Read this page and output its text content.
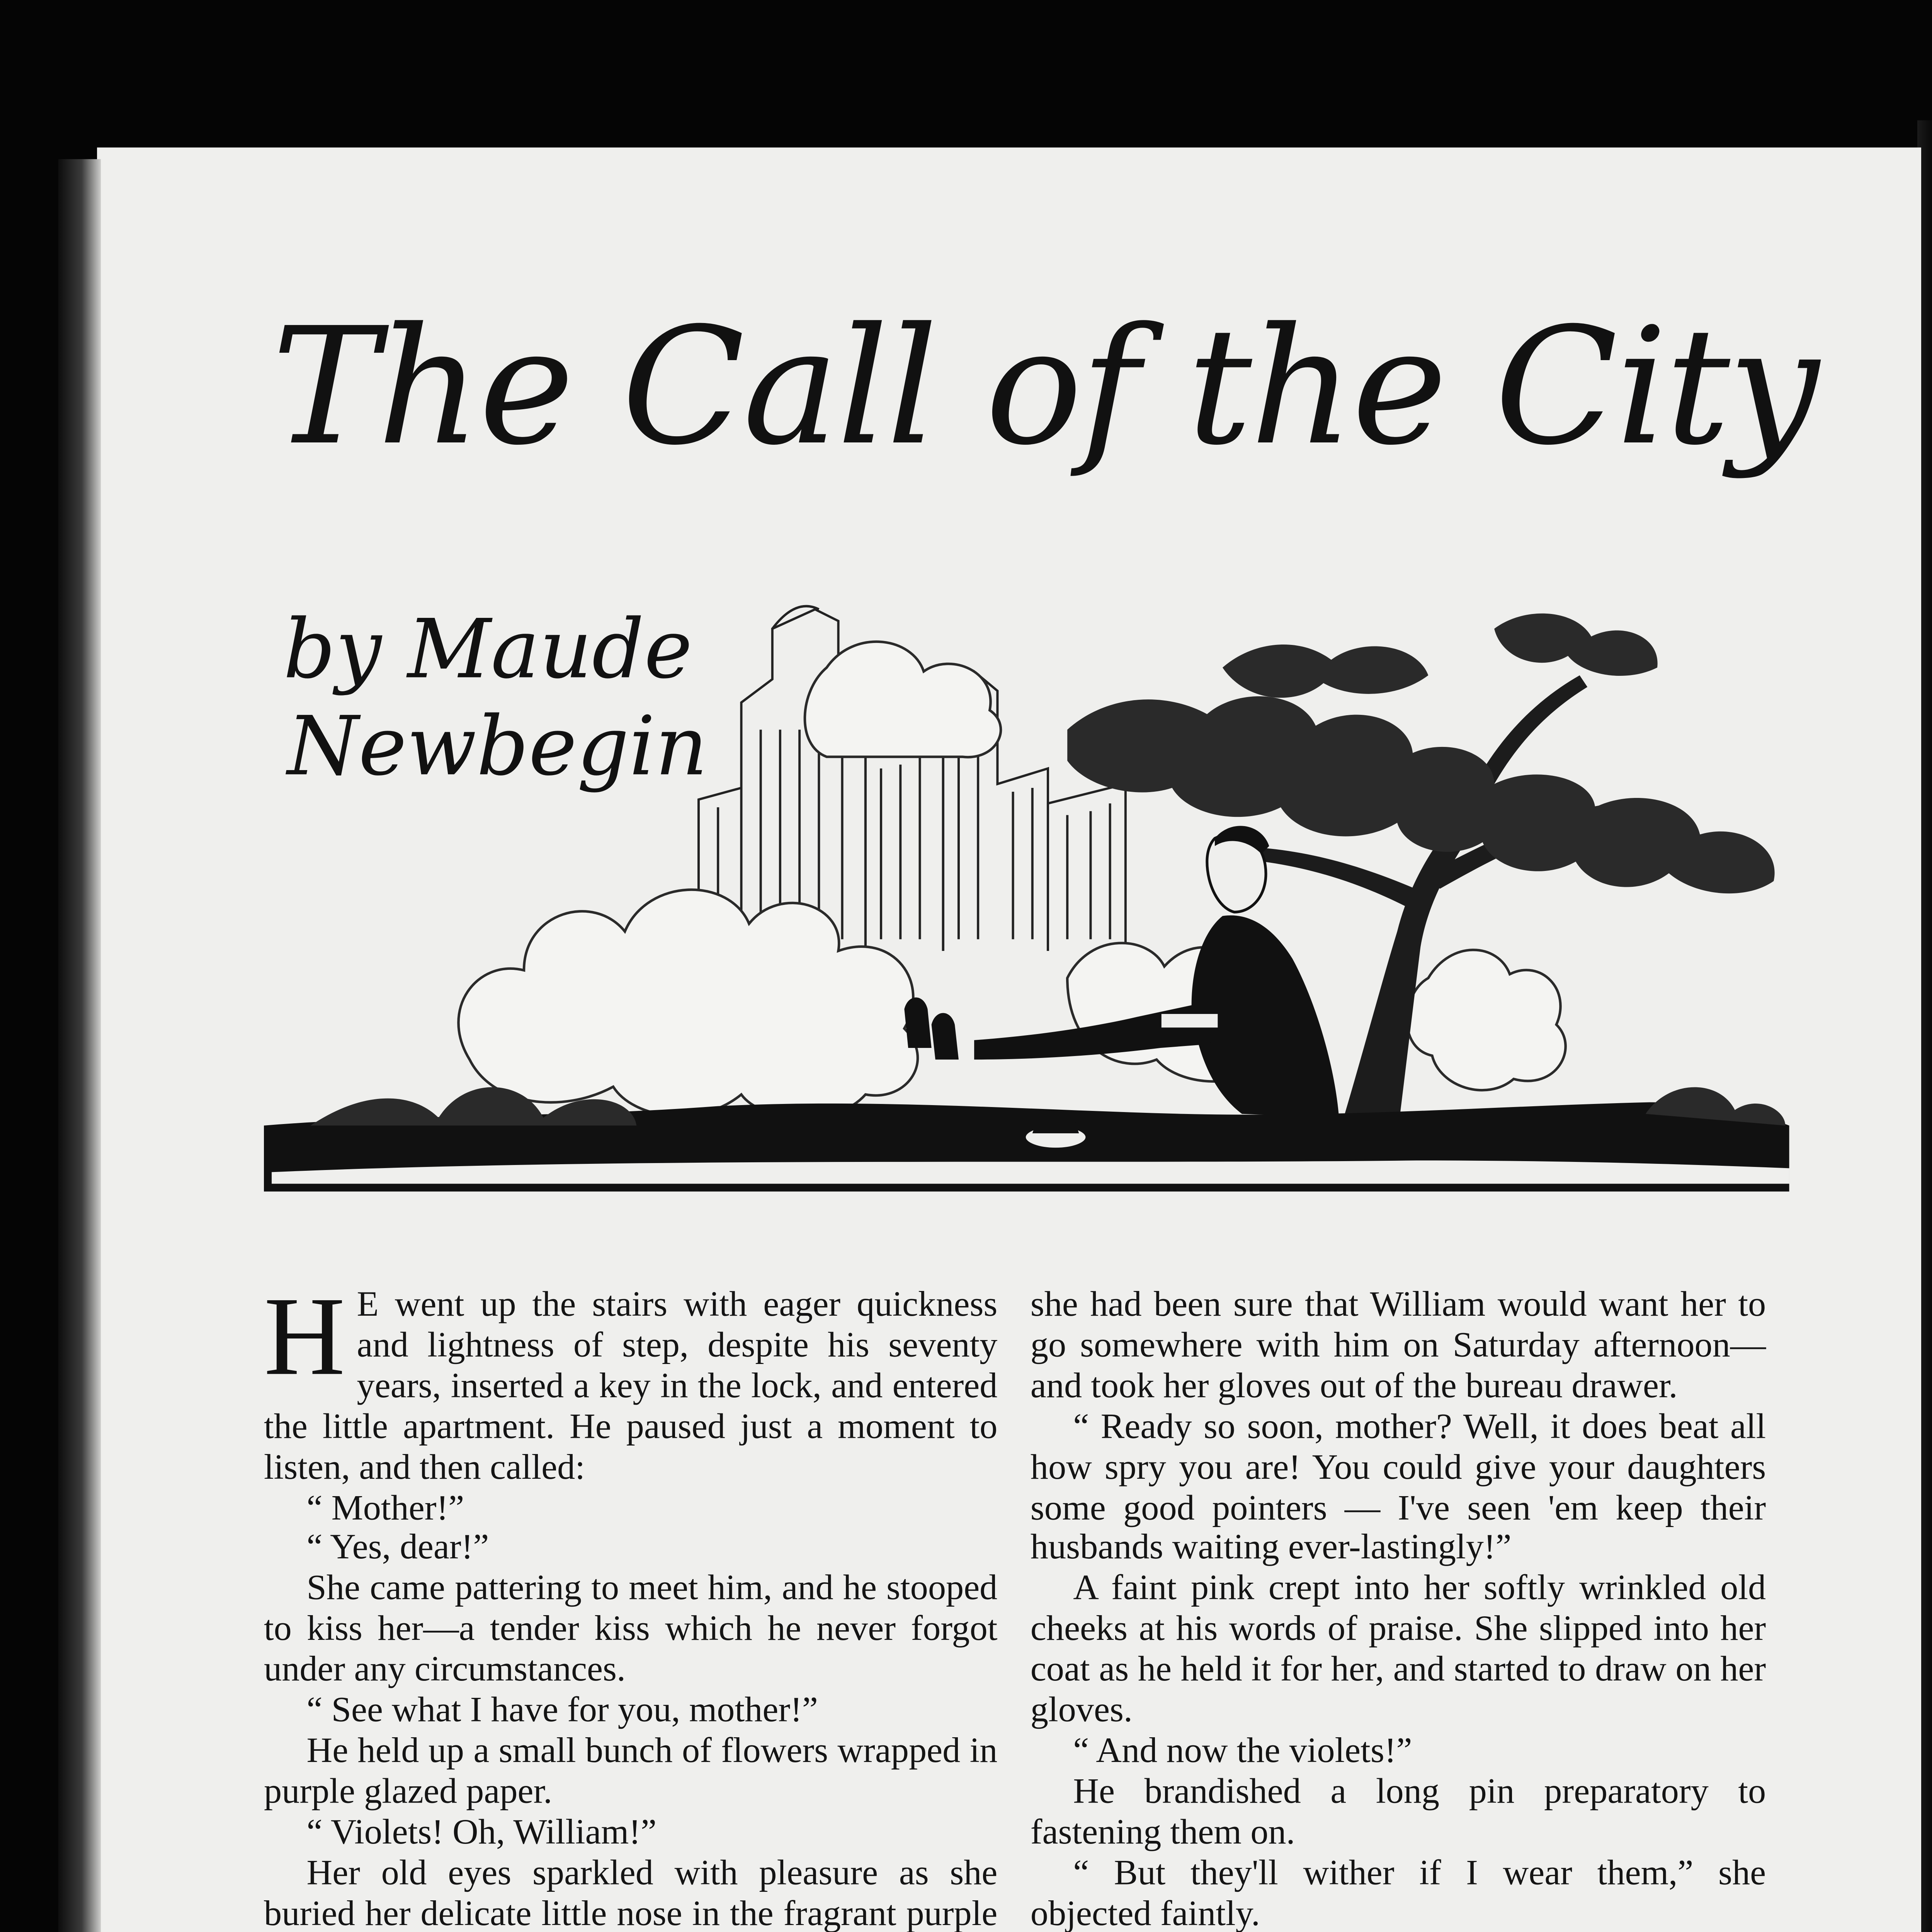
The Call of the City
by Maude
Newbegin

H E went up the stairs with eager quickness and lightness of step, despite his seventy years, inserted a key in the lock, and entered the little apartment. He paused just a moment to listen, and then called:

“ Mother!”

“ Yes, dear!”

She came pattering to meet him, and he stooped to kiss her—a tender kiss which he never forgot under any circumstances.

“ See what I have for you, mother!”

He held up a small bunch of flowers wrapped in purple glazed paper.

“ Violets! Oh, William!”

Her old eyes sparkled with pleasure as she buried her delicate little nose in the fragrant purple

she had been sure that William would want her to go somewhere with him on Saturday afternoon—and took her gloves out of the bureau drawer.

“ Ready so soon, mother? Well, it does beat all how spry you are! You could give your daughters some good pointers — I've seen 'em keep their husbands waiting ever-lastingly!”

A faint pink crept into her softly wrinkled old cheeks at his words of praise. She slipped into her coat as he held it for her, and started to draw on her gloves.

“ And now the violets!”

He brandished a long pin preparatory to fastening them on.

“ But they'll wither if I wear them,” she objected faintly.
